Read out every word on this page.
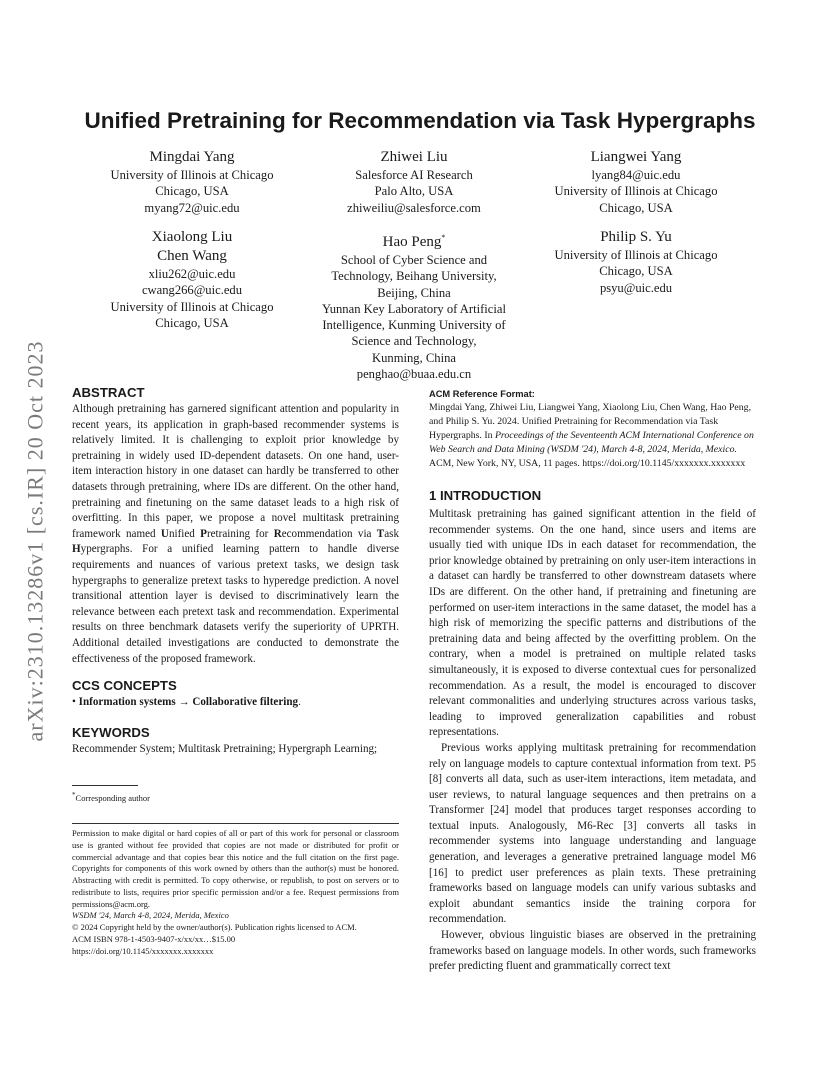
arXiv:2310.13286v1 [cs.IR] 20 Oct 2023
Unified Pretraining for Recommendation via Task Hypergraphs
Mingdai Yang
University of Illinois at Chicago
Chicago, USA
myang72@uic.edu
Zhiwei Liu
Salesforce AI Research
Palo Alto, USA
zhiweiliu@salesforce.com
Liangwei Yang
lyang84@uic.edu
University of Illinois at Chicago
Chicago, USA
Xiaolong Liu
Chen Wang
xliu262@uic.edu
cwang266@uic.edu
University of Illinois at Chicago
Chicago, USA
Hao Peng*
School of Cyber Science and
Technology, Beihang University,
Beijing, China
Yunnan Key Laboratory of Artificial
Intelligence, Kunming University of
Science and Technology,
Kunming, China
penghao@buaa.edu.cn
Philip S. Yu
University of Illinois at Chicago
Chicago, USA
psyu@uic.edu
ABSTRACT

Although pretraining has garnered significant attention and popularity in recent years, its application in graph-based recommender systems is relatively limited. It is challenging to exploit prior knowledge by pretraining in widely used ID-dependent datasets. On one hand, user-item interaction history in one dataset can hardly be transferred to other datasets through pretraining, where IDs are different. On the other hand, pretraining and finetuning on the same dataset leads to a high risk of overfitting. In this paper, we propose a novel multitask pretraining framework named Unified Pretraining for Recommendation via Task Hypergraphs. For a unified learning pattern to handle diverse requirements and nuances of various pretext tasks, we design task hypergraphs to generalize pretext tasks to hyperedge prediction. A novel transitional attention layer is devised to discriminatively learn the relevance between each pretext task and recommendation. Experimental results on three benchmark datasets verify the superiority of UPRTH. Additional detailed investigations are conducted to demonstrate the effectiveness of the proposed framework.

CCS CONCEPTS

• Information systems → Collaborative filtering.

KEYWORDS

Recommender System; Multitask Pretraining; Hypergraph Learning;

*Corresponding author

Permission to make digital or hard copies of all or part of this work for personal or classroom use is granted without fee provided that copies are not made or distributed for profit or commercial advantage and that copies bear this notice and the full citation on the first page. Copyrights for components of this work owned by others than the author(s) must be honored. Abstracting with credit is permitted. To copy otherwise, or republish, to post on servers or to redistribute to lists, requires prior specific permission and/or a fee. Request permissions from permissions@acm.org.

WSDM '24, March 4-8, 2024, Merida, Mexico

© 2024 Copyright held by the owner/author(s). Publication rights licensed to ACM.

ACM ISBN 978-1-4503-9407-x/xx/xx…$15.00

https://doi.org/10.1145/xxxxxxx.xxxxxxx

ACM Reference Format:

Mingdai Yang, Zhiwei Liu, Liangwei Yang, Xiaolong Liu, Chen Wang, Hao Peng, and Philip S. Yu. 2024. Unified Pretraining for Recommendation via Task Hypergraphs. In Proceedings of the Seventeenth ACM International Conference on Web Search and Data Mining (WSDM '24), March 4-8, 2024, Merida, Mexico. ACM, New York, NY, USA, 11 pages. https://doi.org/10.1145/xxxxxxx.xxxxxxx

1 INTRODUCTION

Multitask pretraining has gained significant attention in the field of recommender systems. On the one hand, since users and items are usually tied with unique IDs in each dataset for recommendation, the prior knowledge obtained by pretraining on only user-item interactions in a dataset can hardly be transferred to other downstream datasets where IDs are different. On the other hand, if pretraining and finetuning are performed on user-item interactions in the same dataset, the model has a high risk of memorizing the specific patterns and distributions of the pretraining data and being affected by the overfitting problem. On the contrary, when a model is pretrained on multiple related tasks simultaneously, it is exposed to diverse contextual cues for personalized recommendation. As a result, the model is encouraged to discover relevant commonalities and underlying structures across various tasks, leading to improved generalization capabilities and robust representations.

Previous works applying multitask pretraining for recommendation rely on language models to capture contextual information from text. P5 [8] converts all data, such as user-item interactions, item metadata, and user reviews, to natural language sequences and then pretrains on a Transformer [24] model that produces target responses according to textual inputs. Analogously, M6-Rec [3] converts all tasks in recommender systems into language understanding and language generation, and leverages a generative pretrained language model M6 [16] to predict user preferences as plain texts. These pretraining frameworks based on language models can unify various subtasks and exploit abundant semantics inside the training corpora for recommendation.

However, obvious linguistic biases are observed in the pretraining frameworks based on language models. In other words, such frameworks prefer predicting fluent and grammatically correct text
